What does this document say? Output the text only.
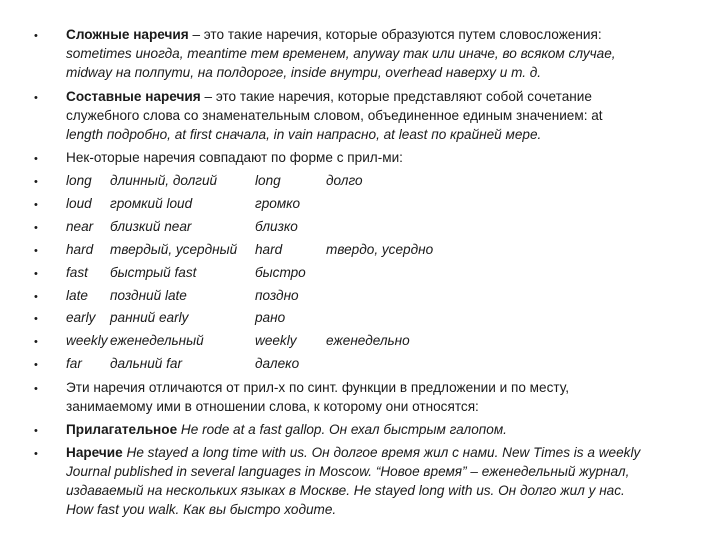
• Сложные наречия – это такие наречия, которые образуются путем словосложения:
sometimes иногда, meantime тем временем, anyway так или иначе, во всяком случае,
midway на полпути, на полдороге, inside внутри, overhead наверху и т. д.
• Составные наречия – это такие наречия, которые представляют собой сочетание
служебного слова со знаменательным словом, объединенное единым значением: at
length подробно, at first сначала, in vain напрасно, at least по крайней мере.
• Нек-оторые наречия совпадают по форме с прил-ми:
• long длинный, долгий	long	долго
• loud громкий loud	громко
• near близкий near	близко
• hard твердый, усердный hard	твердо, усердно
• fast быстрый fast	быстро
• late поздний late	поздно
• early ранний early	рано
• weekly еженедельный	weekly еженедельно
• far дальний far	далеко
• Эти наречия отличаются от прил-х по синт. функции в предложении и по месту,
занимаемому ими в отношении слова, к которому они относятся:
• Прилагательное He rode at a fast gallop. Он ехал быстрым галопом.
• Наречие He stayed a long time with us. Он долгое время жил с нами. New Times is a weekly
Journal published in several languages in Moscow. “Новое время” – еженедельный журнал,
издаваемый на нескольких языках в Москве. He stayed long with us. Он долго жил у нас.
How fast you walk. Как вы быстро ходите.
